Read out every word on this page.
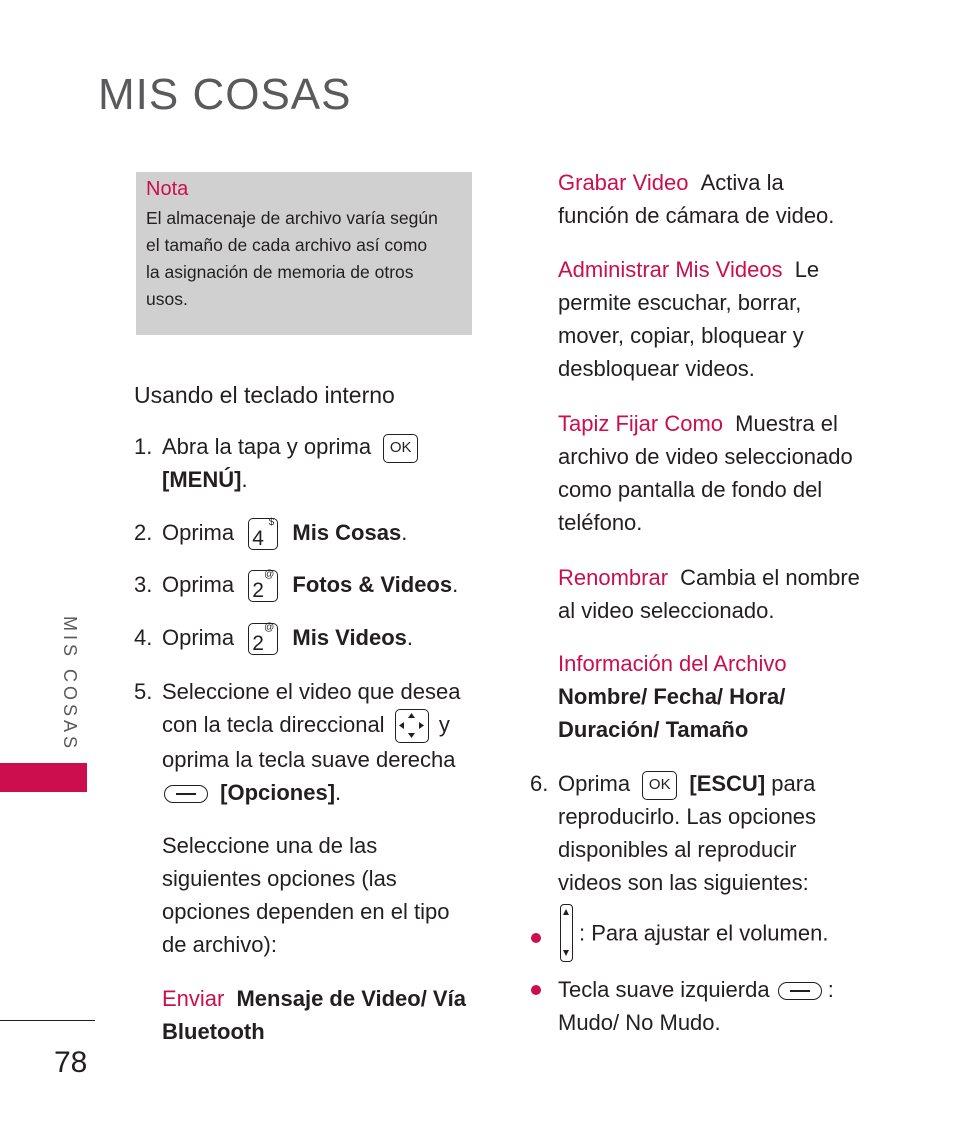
MIS COSAS
MIS COSAS
78
Nota
El almacenaje de archivo varía según
el tamaño de cada archivo así como
la asignación de memoria de otros
usos.
Usando el teclado interno
1. Abra la tapa y oprima OK
[MENÚ].
2. Oprima 4
$ Mis Cosas.
3. Oprima 2
@ Fotos & Videos.
4. Oprima 2
@ Mis Videos.
5. Seleccione el video que desea
con la tecla direccional y
oprima la tecla suave derecha
[Opciones].
Seleccione una de las
siguientes opciones (las
opciones dependen en el tipo
de archivo):
Enviar Mensaje de Video/ Vía
Bluetooth
Grabar Video Activa la
función de cámara de video.
Administrar Mis Videos Le
permite escuchar, borrar,
mover, copiar, bloquear y
desbloquear videos.
Tapiz Fijar Como Muestra el
archivo de video seleccionado
como pantalla de fondo del
teléfono.
Renombrar Cambia el nombre
al video seleccionado.
Información del Archivo
Nombre/ Fecha/ Hora/
Duración/ Tamaño
6. Oprima OK [ESCU] para
reproducirlo. Las opciones
disponibles al reproducir
videos son las siguientes:
: Para ajustar el volumen.
Tecla suave izquierda	:
Mudo/ No Mudo.
